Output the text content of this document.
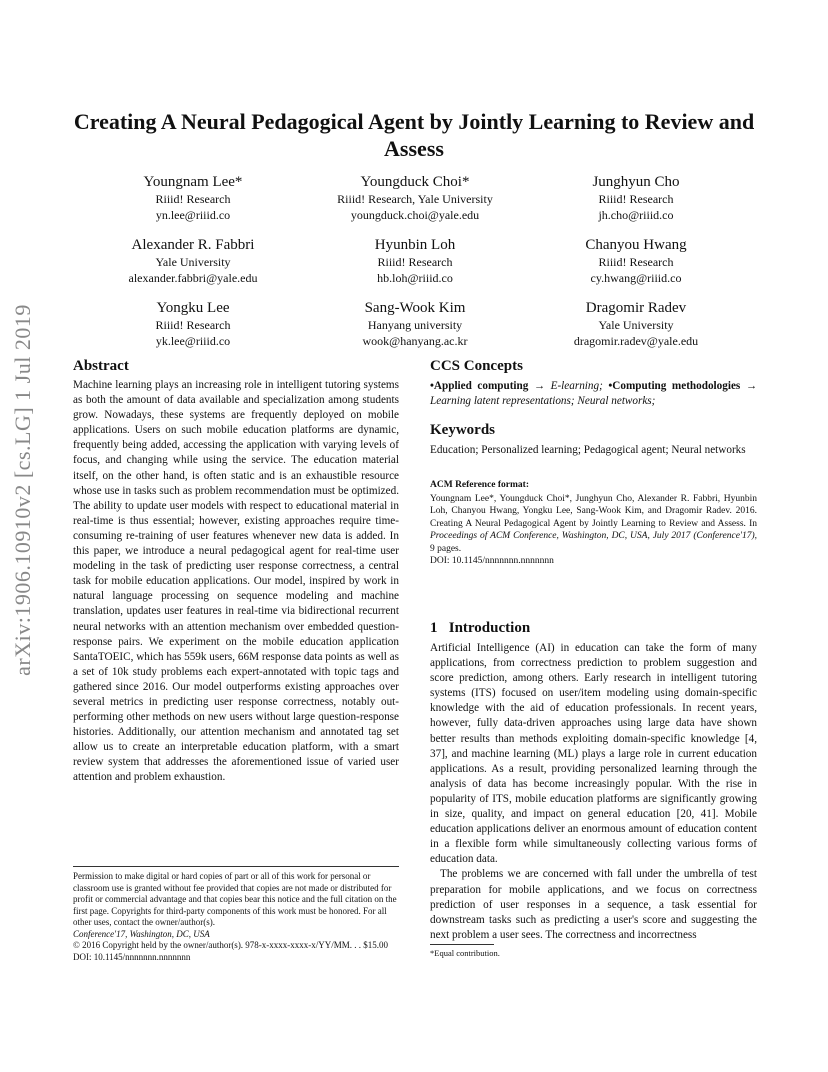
Creating A Neural Pedagogical Agent by Jointly Learning to Review and Assess
arXiv:1906.10910v2 [cs.LG] 1 Jul 2019
Youngnam Lee*
Riiid! Research
yn.lee@riiid.co
Youngduck Choi*
Riiid! Research, Yale University
youngduck.choi@yale.edu
Junghyun Cho
Riiid! Research
jh.cho@riiid.co
Alexander R. Fabbri
Yale University
alexander.fabbri@yale.edu
Hyunbin Loh
Riiid! Research
hb.loh@riiid.co
Chanyou Hwang
Riiid! Research
cy.hwang@riiid.co
Yongku Lee
Riiid! Research
yk.lee@riiid.co
Sang-Wook Kim
Hanyang university
wook@hanyang.ac.kr
Dragomir Radev
Yale University
dragomir.radev@yale.edu
Abstract
Machine learning plays an increasing role in intelligent tutoring systems as both the amount of data available and specialization among students grow. Nowadays, these systems are frequently deployed on mobile applications. Users on such mobile education platforms are dynamic, frequently being added, accessing the application with varying levels of focus, and changing while using the service. The education material itself, on the other hand, is often static and is an exhaustible resource whose use in tasks such as problem recommendation must be optimized. The ability to update user models with respect to educational material in real-time is thus essential; however, existing approaches require time-consuming re-training of user features whenever new data is added. In this paper, we introduce a neural pedagogical agent for real-time user modeling in the task of predicting user response correctness, a central task for mobile education applications. Our model, inspired by work in natural language processing on sequence modeling and machine translation, updates user features in real-time via bidirectional recurrent neural networks with an attention mechanism over embedded question-response pairs. We experiment on the mobile education application SantaTOEIC, which has 559k users, 66M response data points as well as a set of 10k study problems each expert-annotated with topic tags and gathered since 2016. Our model outperforms existing approaches over several metrics in predicting user response correctness, notably out-performing other methods on new users without large question-response histories. Additionally, our attention mechanism and annotated tag set allow us to create an interpretable education platform, with a smart review system that addresses the aforementioned issue of varied user attention and problem exhaustion.
Permission to make digital or hard copies of part or all of this work for personal or classroom use is granted without fee provided that copies are not made or distributed for profit or commercial advantage and that copies bear this notice and the full citation on the first page. Copyrights for third-party components of this work must be honored. For all other uses, contact the owner/author(s).
Conference'17, Washington, DC, USA
© 2016 Copyright held by the owner/author(s). 978-x-xxxx-xxxx-x/YY/MM. . . $15.00
DOI: 10.1145/nnnnnnn.nnnnnnn
CCS Concepts
•Applied computing → E-learning; •Computing methodologies → Learning latent representations; Neural networks;
Keywords
Education; Personalized learning; Pedagogical agent; Neural networks
ACM Reference format:
Youngnam Lee*, Youngduck Choi*, Junghyun Cho, Alexander R. Fabbri, Hyunbin Loh, Chanyou Hwang, Yongku Lee, Sang-Wook Kim, and Dragomir Radev. 2016. Creating A Neural Pedagogical Agent by Jointly Learning to Review and Assess. In Proceedings of ACM Conference, Washington, DC, USA, July 2017 (Conference'17), 9 pages.
DOI: 10.1145/nnnnnnn.nnnnnnn
1 Introduction
Artificial Intelligence (AI) in education can take the form of many applications, from correctness prediction to problem suggestion and score prediction, among others. Early research in intelligent tutoring systems (ITS) focused on user/item modeling using domain-specific knowledge with the aid of education professionals. In recent years, however, fully data-driven approaches using large data have shown better results than methods exploiting domain-specific knowledge [4, 37], and machine learning (ML) plays a large role in current education applications. As a result, providing personalized learning through the analysis of data has become increasingly popular. With the rise in popularity of ITS, mobile education platforms are significantly growing in size, quality, and impact on general education [20, 41]. Mobile education applications deliver an enormous amount of education content in a flexible form while simultaneously collecting various forms of education data.
The problems we are concerned with fall under the umbrella of test preparation for mobile applications, and we focus on correctness prediction of user responses in a sequence, a task essential for downstream tasks such as predicting a user's score and suggesting the next problem a user sees. The correctness and incorrectness
*Equal contribution.
